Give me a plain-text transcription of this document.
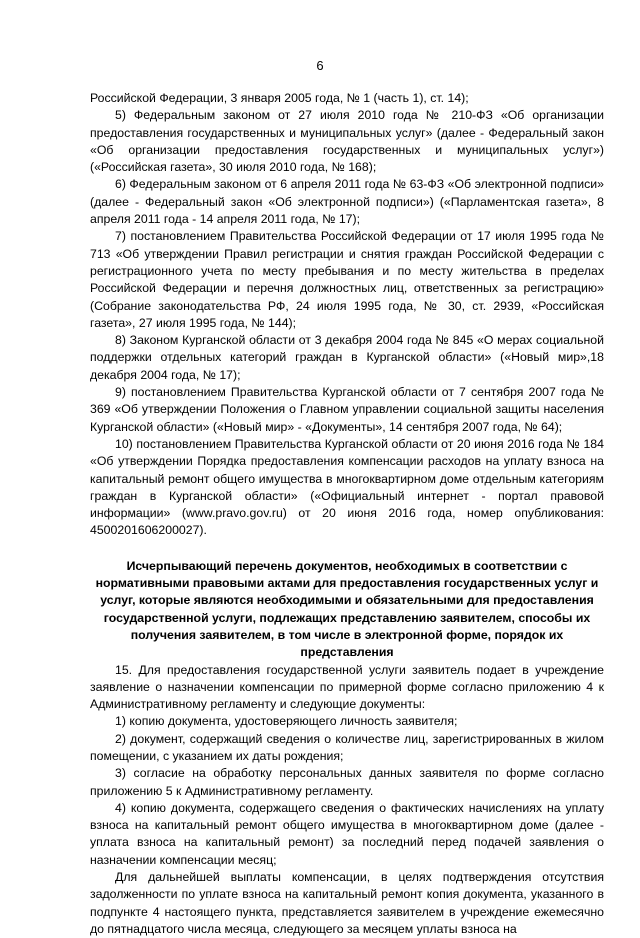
6

Российской Федерации, 3 января 2005 года, № 1 (часть 1), ст. 14);

5) Федеральным законом от 27 июля 2010 года № 210-ФЗ «Об организации предоставления государственных и муниципальных услуг» (далее - Федеральный закон «Об организации предоставления государственных и муниципальных услуг») («Российская газета», 30 июля 2010 года, № 168);

6) Федеральным законом от 6 апреля 2011 года № 63-ФЗ «Об электронной подписи» (далее - Федеральный закон «Об электронной подписи») («Парламентская газета», 8 апреля 2011 года - 14 апреля 2011 года, № 17);

7) постановлением Правительства Российской Федерации от 17 июля 1995 года № 713 «Об утверждении Правил регистрации и снятия граждан Российской Федерации с регистрационного учета по месту пребывания и по месту жительства в пределах Российской Федерации и перечня должностных лиц, ответственных за регистрацию» (Собрание законодательства РФ, 24 июля 1995 года, № 30, ст. 2939, «Российская газета», 27 июля 1995 года, № 144);

8) Законом Курганской области от 3 декабря 2004 года № 845 «О мерах социальной поддержки отдельных категорий граждан в Курганской области» («Новый мир»,18 декабря 2004 года, № 17);

9) постановлением Правительства Курганской области от 7 сентября 2007 года № 369 «Об утверждении Положения о Главном управлении социальной защиты населения Курганской области» («Новый мир» - «Документы», 14 сентября 2007 года, № 64);

10) постановлением Правительства Курганской области от 20 июня 2016 года № 184 «Об утверждении Порядка предоставления компенсации расходов на уплату взноса на капитальный ремонт общего имущества в многоквартирном доме отдельным категориям граждан в Курганской области» («Официальный интернет - портал правовой информации» (www.pravo.gov.ru) от 20 июня 2016 года, номер опубликования: 4500201606200027).

Исчерпывающий перечень документов, необходимых в соответствии с нормативными правовыми актами для предоставления государственных услуг и услуг, которые являются необходимыми и обязательными для предоставления государственной услуги, подлежащих представлению заявителем, способы их получения заявителем, в том числе в электронной форме, порядок их представления

15. Для предоставления государственной услуги заявитель подает в учреждение заявление о назначении компенсации по примерной форме согласно приложению 4 к Административному регламенту и следующие документы:

1) копию документа, удостоверяющего личность заявителя;

2) документ, содержащий сведения о количестве лиц, зарегистрированных в жилом помещении, с указанием их даты рождения;

3) согласие на обработку персональных данных заявителя по форме согласно приложению 5 к Административному регламенту.

4) копию документа, содержащего сведения о фактических начислениях на уплату взноса на капитальный ремонт общего имущества в многоквартирном доме (далее - уплата взноса на капитальный ремонт) за последний перед подачей заявления о назначении компенсации месяц;

Для дальнейшей выплаты компенсации, в целях подтверждения отсутствия задолженности по уплате взноса на капитальный ремонт копия документа, указанного в подпункте 4 настоящего пункта, представляется заявителем в учреждение ежемесячно до пятнадцатого числа месяца, следующего за месяцем уплаты взноса на
